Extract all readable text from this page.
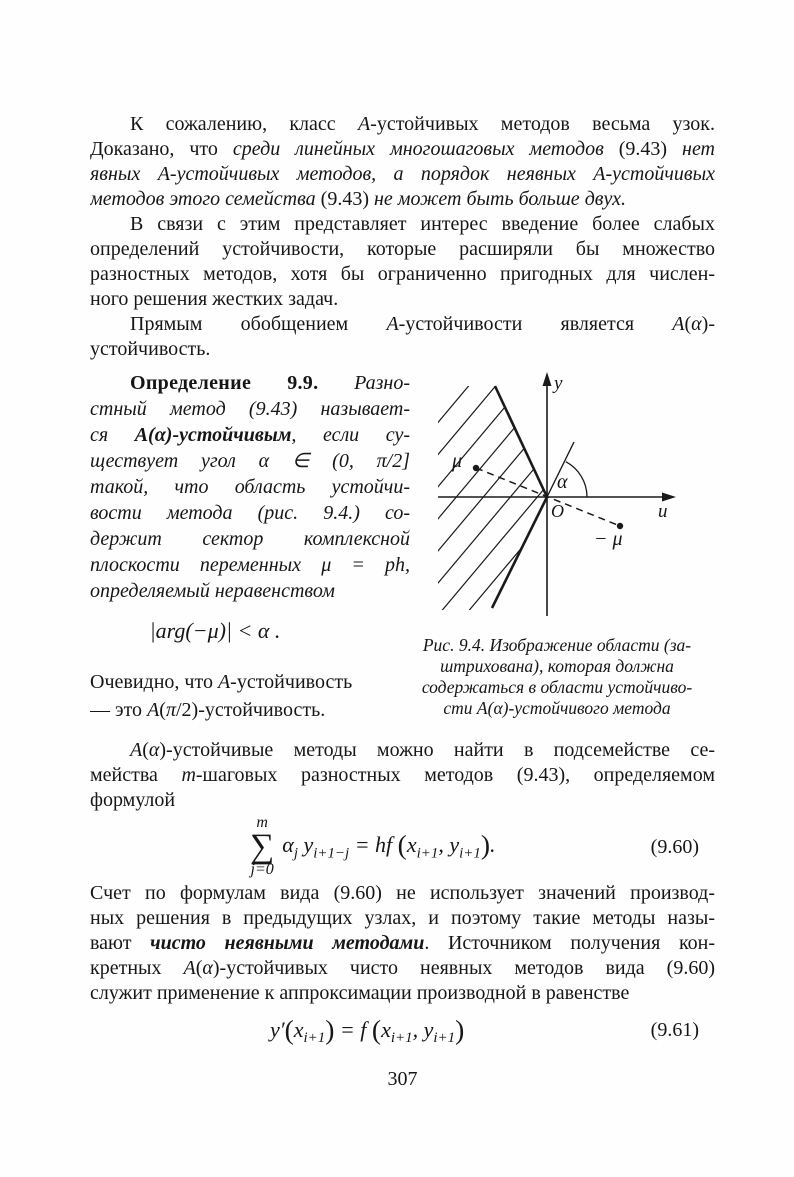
К сожалению, класс А-устойчивых методов весьма узок.
Доказано, что среди линейных многошаговых методов (9.43) нет
явных А-устойчивых методов, а порядок неявных А-устойчивых
методов этого семейства (9.43) не может быть больше двух.
В связи с этим представляет интерес введение более слабых
определений устойчивости, которые расширяли бы множество
разностных методов, хотя бы ограниченно пригодных для числен-
ного решения жестких задач.
Прямым обобщением А-устойчивости является А(α)-
устойчивость.
Определение 9.9. Разно-
стный метод (9.43) называет-
ся А(α)-устойчивым, если су-
ществует угол α ∈ (0, π/2]
такой, что область устойчи-
вости метода (рис. 9.4.) со-
держит сектор комплексной
плоскости переменных μ = ph,
определяемый неравенством
|arg(−μ)| < α .
Очевидно, что А-устойчивость
— это А(π/2)-устойчивость.
y
u
O
α
μ
− μ
Рис. 9.4. Изображение области (за-
штрихована), которая должна
содержаться в области устойчиво-
сти А(α)-устойчивого метода
А(α)-устойчивые методы можно найти в подсемействе се-
мейства m-шаговых разностных методов (9.43), определяемом
формулой
m
∑
j=0
$\alpha_j$ $y_{i+1-j}$ = hf ($x_{i+1}$, $y_{i+1}$).	(9.60)
Счет по формулам вида (9.60) не использует значений производ-
ных решения в предыдущих узлах, и поэтому такие методы назы-
вают чисто неявными методами. Источником получения кон-
кретных А(α)-устойчивых чисто неявных методов вида (9.60)
служит применение к аппроксимации производной в равенстве
$y'(x_{i+1}) = f$ ($x_{i+1}$, $y_{i+1}$)	(9.61)
307
